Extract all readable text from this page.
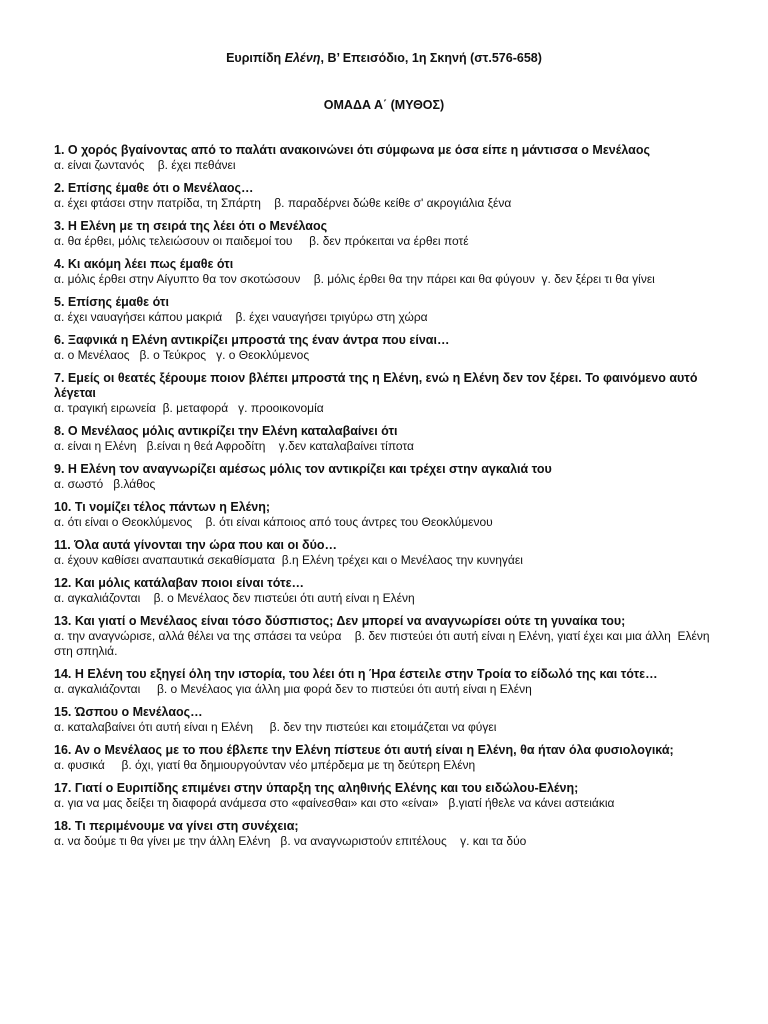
Ευριπίδη Ελένη, Β’ Επεισόδιο, 1η Σκηνή (στ.576-658)

ΟΜΑΔΑ Α΄ (ΜΥΘΟΣ)

1. Ο χορός βγαίνοντας από το παλάτι ανακοινώνει ότι σύμφωνα με όσα είπε η μάντισσα ο Μενέλαος

α. είναι ζωντανός    β. έχει πεθάνει

2. Επίσης έμαθε ότι ο Μενέλαος…

α. έχει φτάσει στην πατρίδα, τη Σπάρτη    β. παραδέρνει δώθε κείθε σ' ακρογιάλια ξένα

3. Η Ελένη με τη σειρά της λέει ότι ο Μενέλαος

α. θα έρθει, μόλις τελειώσουν οι παιδεμοί του     β. δεν πρόκειται να έρθει ποτέ

4. Κι ακόμη λέει πως έμαθε ότι

α. μόλις έρθει στην Αίγυπτο θα τον σκοτώσουν    β. μόλις έρθει θα την πάρει και θα φύγουν  γ. δεν ξέρει τι θα γίνει

5. Επίσης έμαθε ότι

α. έχει ναυαγήσει κάπου μακριά    β. έχει ναυαγήσει τριγύρω στη χώρα

6. Ξαφνικά η Ελένη αντικρίζει μπροστά της έναν άντρα που είναι…

α. ο Μενέλαος   β. ο Τεύκρος   γ. ο Θεοκλύμενος

7. Εμείς οι θεατές ξέρουμε ποιον βλέπει μπροστά της η Ελένη, ενώ η Ελένη δεν τον ξέρει. Το φαινόμενο αυτό λέγεται

α. τραγική ειρωνεία  β. μεταφορά   γ. προοικονομία

8. Ο Μενέλαος μόλις αντικρίζει την Ελένη καταλαβαίνει ότι

α. είναι η Ελένη   β.είναι η θεά Αφροδίτη    γ.δεν καταλαβαίνει τίποτα

9. Η Ελένη τον αναγνωρίζει αμέσως μόλις τον αντικρίζει και τρέχει στην αγκαλιά του

α. σωστό   β.λάθος

10. Τι νομίζει τέλος πάντων η Ελένη;

α. ότι είναι ο Θεοκλύμενος    β. ότι είναι κάποιος από τους άντρες του Θεοκλύμενου

11. Όλα αυτά γίνονται την ώρα που και οι δύο…

α. έχουν καθίσει αναπαυτικά σεκαθίσματα  β.η Ελένη τρέχει και ο Μενέλαος την κυνηγάει

12. Και μόλις κατάλαβαν ποιοι είναι τότε…

α. αγκαλιάζονται    β. ο Μενέλαος δεν πιστεύει ότι αυτή είναι η Ελένη

13. Και γιατί ο Μενέλαος είναι τόσο δύσπιστος; Δεν μπορεί να αναγνωρίσει ούτε τη γυναίκα του;

α. την αναγνώρισε, αλλά θέλει να της σπάσει τα νεύρα    β. δεν πιστεύει ότι αυτή είναι η Ελένη, γιατί έχει και μια άλλη  Ελένη στη σπηλιά.

14. Η Ελένη του εξηγεί όλη την ιστορία, του λέει ότι η Ήρα έστειλε στην Τροία το είδωλό της και τότε…

α. αγκαλιάζονται     β. ο Μενέλαος για άλλη μια φορά δεν το πιστεύει ότι αυτή είναι η Ελένη

15. Ώσπου ο Μενέλαος…

α. καταλαβαίνει ότι αυτή είναι η Ελένη     β. δεν την πιστεύει και ετοιμάζεται να φύγει

16. Αν ο Μενέλαος με το που έβλεπε την Ελένη πίστευε ότι αυτή είναι η Ελένη, θα ήταν όλα φυσιολογικά;

α. φυσικά     β. όχι, γιατί θα δημιουργούνταν νέο μπέρδεμα με τη δεύτερη Ελένη

17. Γιατί ο Ευριπίδης επιμένει στην ύπαρξη της αληθινής Ελένης και του ειδώλου-Ελένη;

α. για να μας δείξει τη διαφορά ανάμεσα στο «φαίνεσθαι» και στο «είναι»   β.γιατί ήθελε να κάνει αστειάκια

18. Τι περιμένουμε να γίνει στη συνέχεια;

α. να δούμε τι θα γίνει με την άλλη Ελένη   β. να αναγνωριστούν επιτέλους    γ. και τα δύο
